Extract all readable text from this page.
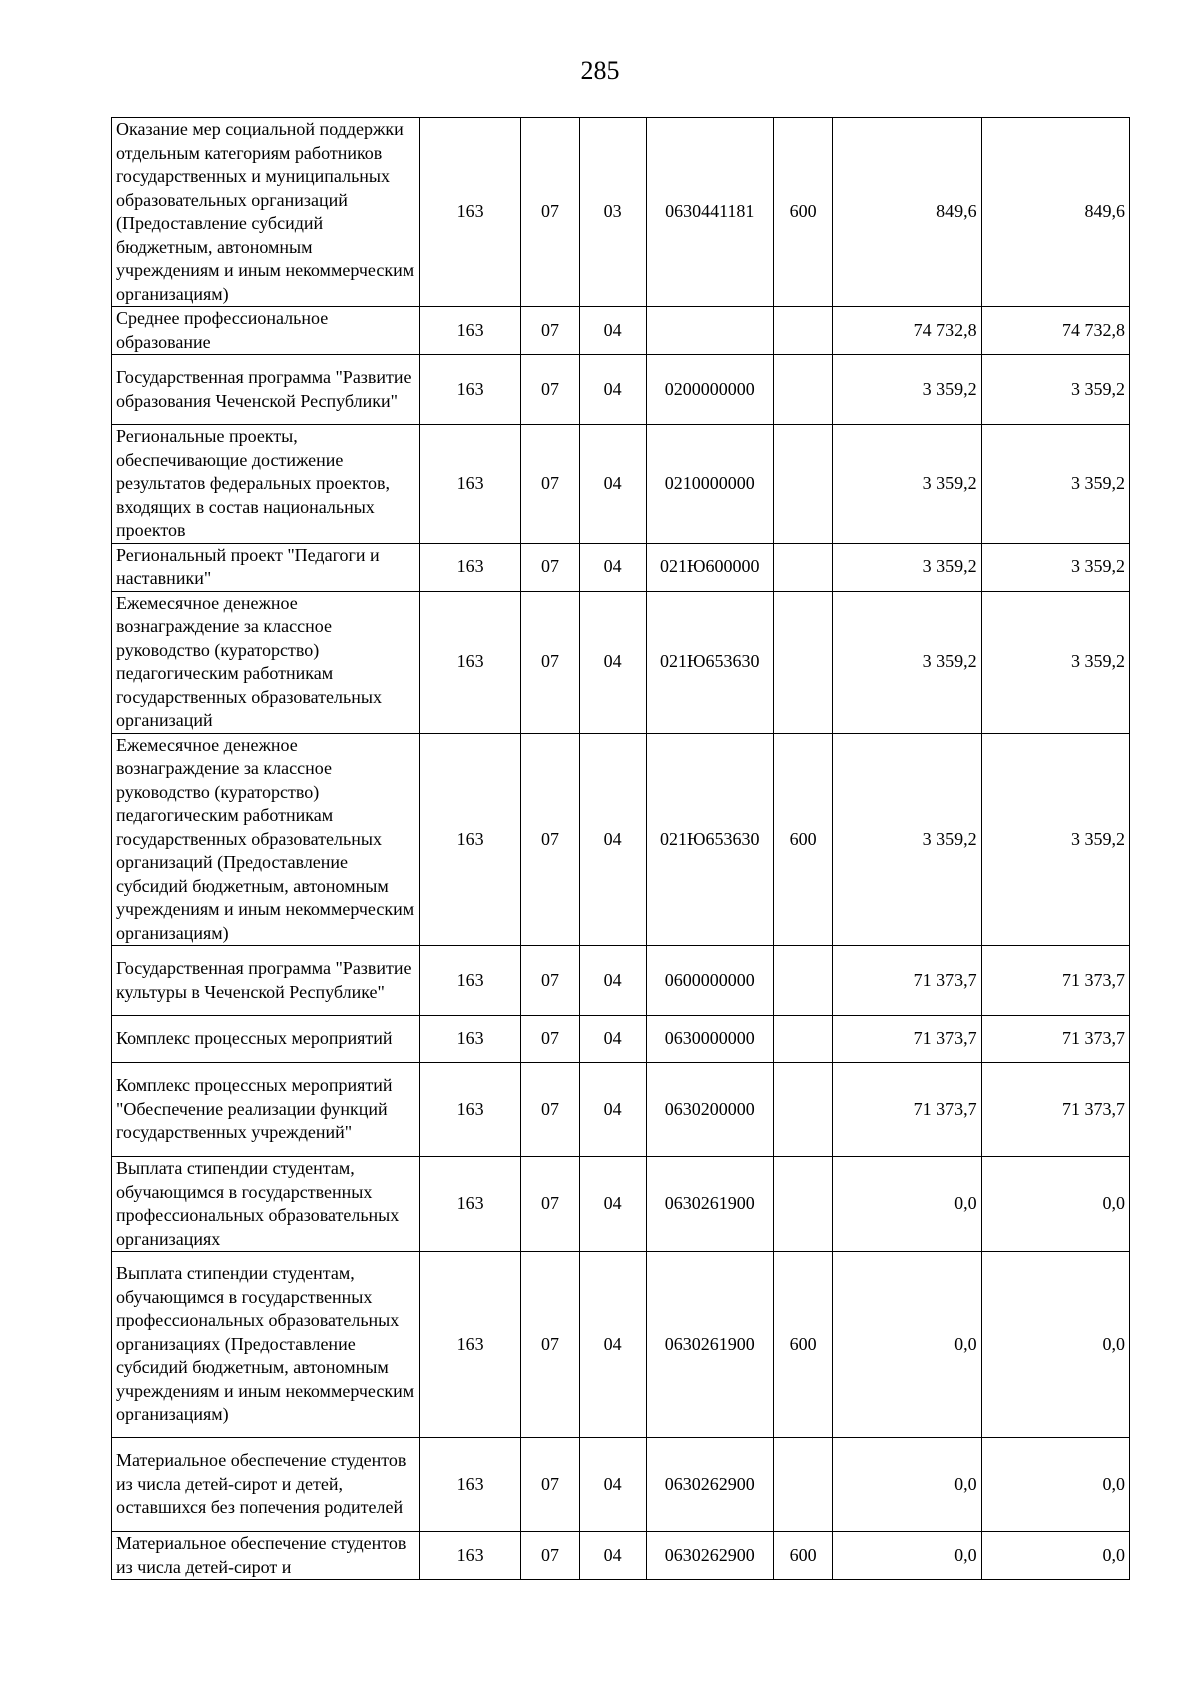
285
Оказание мер социальной поддержки отдельным категориям работников государственных и муниципальных образовательных организаций (Предоставление субсидий бюджетным, автономным учреждениям и иным некоммерческим организациям)	163	07	03	0630441181	600	849,6	849,6
Среднее профессиональное образование	163	07	04			74 732,8	74 732,8
Государственная программа "Развитие образования Чеченской Республики"	163	07	04	0200000000		3 359,2	3 359,2
Региональные проекты, обеспечивающие достижение результатов федеральных проектов, входящих в состав национальных проектов	163	07	04	0210000000		3 359,2	3 359,2
Региональный проект "Педагоги и наставники"	163	07	04	021Ю600000		3 359,2	3 359,2
Ежемесячное денежное вознаграждение за классное руководство (кураторство) педагогическим работникам государственных образовательных организаций	163	07	04	021Ю653630		3 359,2	3 359,2
Ежемесячное денежное вознаграждение за классное руководство (кураторство) педагогическим работникам государственных образовательных организаций (Предоставление субсидий бюджетным, автономным учреждениям и иным некоммерческим организациям)	163	07	04	021Ю653630	600	3 359,2	3 359,2
Государственная программа "Развитие культуры в Чеченской Республике"	163	07	04	0600000000		71 373,7	71 373,7
Комплекс процессных мероприятий	163	07	04	0630000000		71 373,7	71 373,7
Комплекс процессных мероприятий "Обеспечение реализации функций государственных учреждений"	163	07	04	0630200000		71 373,7	71 373,7
Выплата стипендии студентам, обучающимся в государственных профессиональных образовательных организациях	163	07	04	0630261900		0,0	0,0
Выплата стипендии студентам, обучающимся в государственных профессиональных образовательных организациях (Предоставление субсидий бюджетным, автономным учреждениям и иным некоммерческим организациям)	163	07	04	0630261900	600	0,0	0,0
Материальное обеспечение студентов из числа детей-сирот и детей, оставшихся без попечения родителей	163	07	04	0630262900		0,0	0,0
Материальное обеспечение студентов из числа детей-сирот и	163	07	04	0630262900	600	0,0	0,0
